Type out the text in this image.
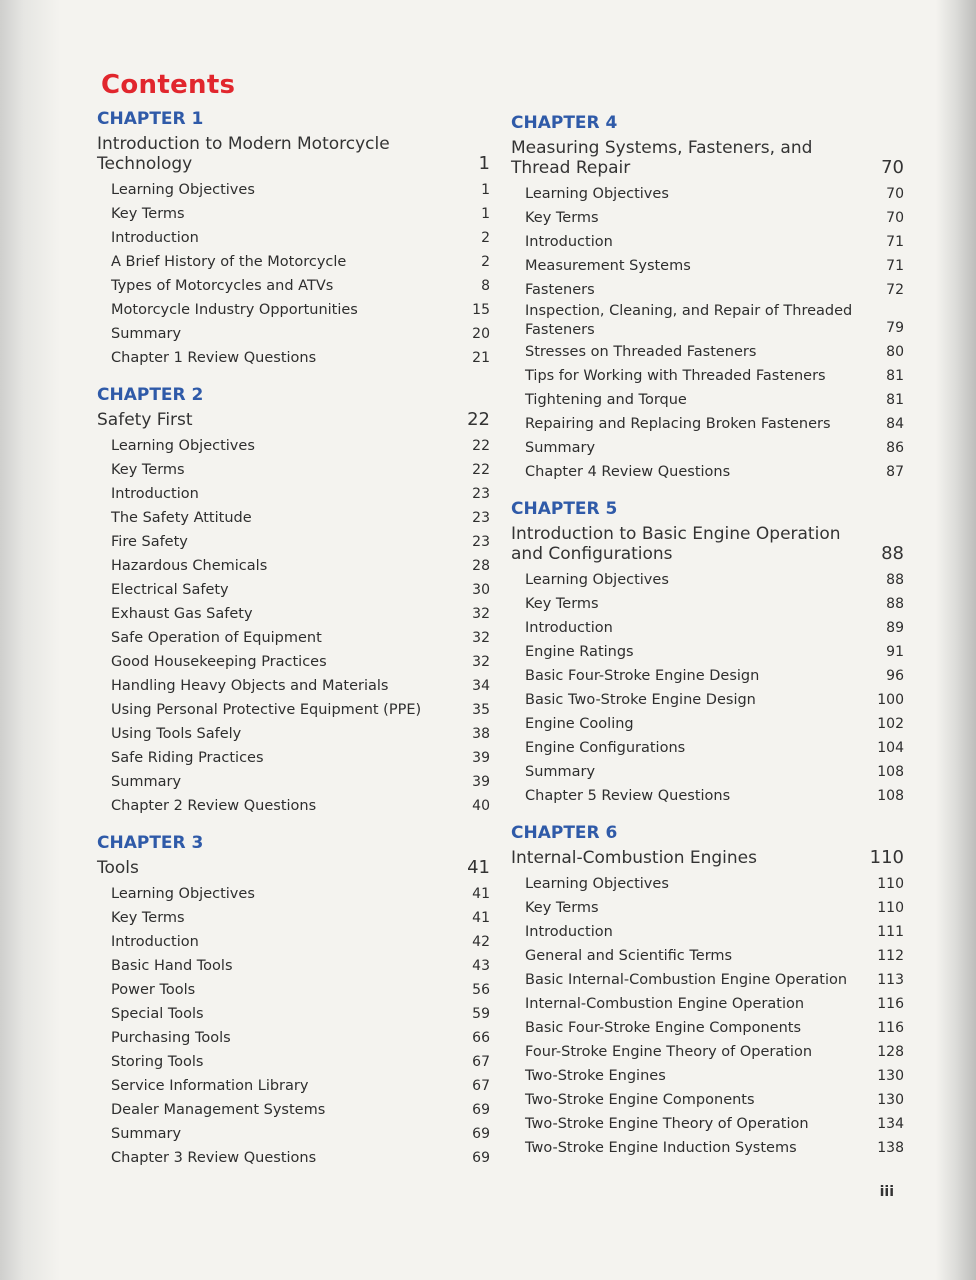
Contents
CHAPTER 1
Introduction to Modern Motorcycle Technology	1
Learning Objectives	1
Key Terms	1
Introduction	2
A Brief History of the Motorcycle	2
Types of Motorcycles and ATVs	8
Motorcycle Industry Opportunities	15
Summary	20
Chapter 1 Review Questions	21
CHAPTER 2
Safety First	22
Learning Objectives	22
Key Terms	22
Introduction	23
The Safety Attitude	23
Fire Safety	23
Hazardous Chemicals	28
Electrical Safety	30
Exhaust Gas Safety	32
Safe Operation of Equipment	32
Good Housekeeping Practices	32
Handling Heavy Objects and Materials	34
Using Personal Protective Equipment (PPE)	35
Using Tools Safely	38
Safe Riding Practices	39
Summary	39
Chapter 2 Review Questions	40
CHAPTER 3
Tools	41
Learning Objectives	41
Key Terms	41
Introduction	42
Basic Hand Tools	43
Power Tools	56
Special Tools	59
Purchasing Tools	66
Storing Tools	67
Service Information Library	67
Dealer Management Systems	69
Summary	69
Chapter 3 Review Questions	69
CHAPTER 4
Measuring Systems, Fasteners, and Thread Repair	70
Learning Objectives	70
Key Terms	70
Introduction	71
Measurement Systems	71
Fasteners	72
Inspection, Cleaning, and Repair of Threaded Fasteners	79
Stresses on Threaded Fasteners	80
Tips for Working with Threaded Fasteners	81
Tightening and Torque	81
Repairing and Replacing Broken Fasteners	84
Summary	86
Chapter 4 Review Questions	87
CHAPTER 5
Introduction to Basic Engine Operation and Configurations	88
Learning Objectives	88
Key Terms	88
Introduction	89
Engine Ratings	91
Basic Four-Stroke Engine Design	96
Basic Two-Stroke Engine Design	100
Engine Cooling	102
Engine Configurations	104
Summary	108
Chapter 5 Review Questions	108
CHAPTER 6
Internal-Combustion Engines	110
Learning Objectives	110
Key Terms	110
Introduction	111
General and Scientific Terms	112
Basic Internal-Combustion Engine Operation	113
Internal-Combustion Engine Operation	116
Basic Four-Stroke Engine Components	116
Four-Stroke Engine Theory of Operation	128
Two-Stroke Engines	130
Two-Stroke Engine Components	130
Two-Stroke Engine Theory of Operation	134
Two-Stroke Engine Induction Systems	138
iii
